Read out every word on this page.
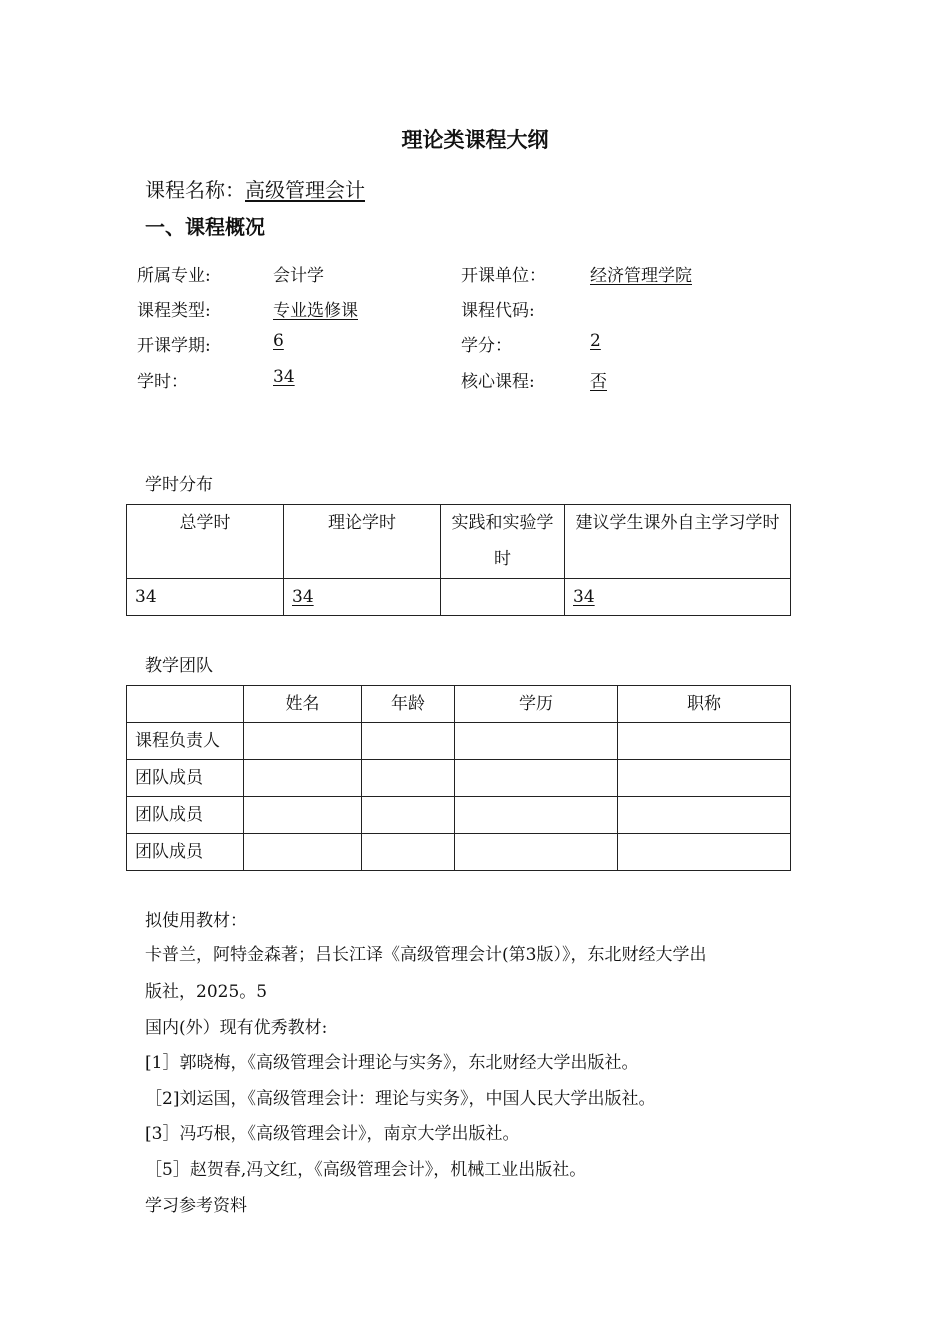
理论类课程大纲
课程名称：高级管理会计
一、课程概况
所属专业:	会计学	开课单位：	经济管理学院
课程类型:	专业选修课	课程代码:
开课学期:	6	学分：	2
学时：	34	核心课程:	否
学时分布
总学时	理论学时	实践和实验学时	建议学生课外自主学习学时
34	34		34
教学团队
	姓名	年龄	学历	职称
课程负责人				
团队成员				
团队成员				
团队成员				
拟使用教材：
卡普兰，阿特金森著；吕长江译《高级管理会计(第3版）》，东北财经大学出
版社，2025。5
国内(外）现有优秀教材:
[1］郭晓梅，《高级管理会计理论与实务》，东北财经大学出版社。
［2]刘运国，《高级管理会计：理论与实务》，中国人民大学出版社。
[3］冯巧根，《高级管理会计》，南京大学出版社。
［5］赵贺春,冯文红，《高级管理会计》，机械工业出版社。
学习参考资料
